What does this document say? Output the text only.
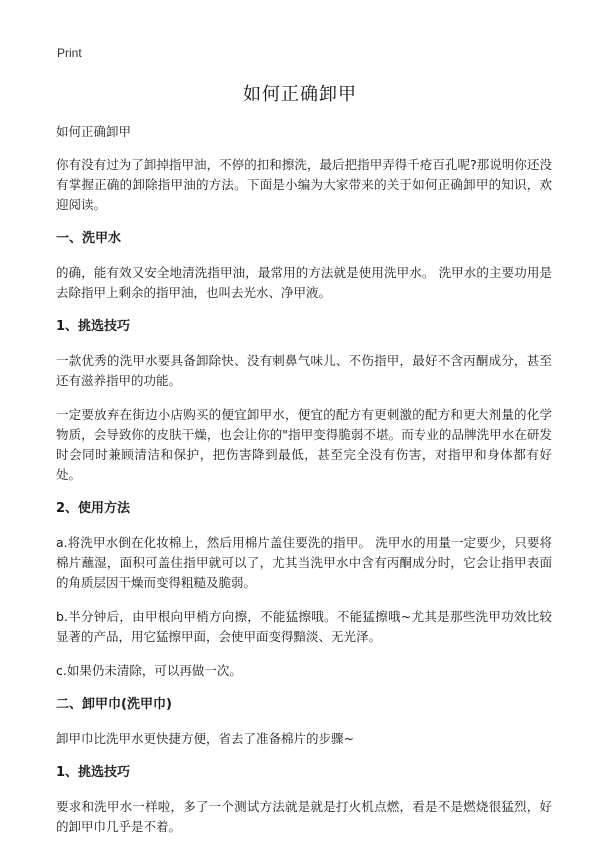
Print
如何正确卸甲
如何正确卸甲

你有没有过为了卸掉指甲油，不停的扣和擦洗，最后把指甲弄得千疮百孔呢?那说明你还没有掌握正确的卸除指甲油的方法。下面是小编为大家带来的关于如何正确卸甲的知识，欢迎阅读。

一、洗甲水

的确，能有效又安全地清洗指甲油，最常用的方法就是使用洗甲水。 洗甲水的主要功用是去除指甲上剩余的指甲油，也叫去光水、净甲液。

1、挑选技巧

一款优秀的洗甲水要具备卸除快、没有刺鼻气味儿、不伤指甲，最好不含丙酮成分，甚至还有滋养指甲的功能。

一定要放弃在街边小店购买的便宜卸甲水，便宜的配方有更刺激的配方和更大剂量的化学物质，会导致你的皮肤干燥，也会让你的"指甲变得脆弱不堪。而专业的品牌洗甲水在研发时会同时兼顾清洁和保护，把伤害降到最低，甚至完全没有伤害，对指甲和身体都有好处。

2、使用方法

a.将洗甲水倒在化妆棉上，然后用棉片盖住要洗的指甲。 洗甲水的用量一定要少，只要将棉片蘸湿，面积可盖住指甲就可以了，尤其当洗甲水中含有丙酮成分时，它会让指甲表面的角质层因干燥而变得粗糙及脆弱。

b.半分钟后，由甲根向甲梢方向擦，不能猛擦哦。不能猛擦哦~尤其是那些洗甲功效比较显著的产品，用它猛擦甲面，会使甲面变得黯淡、无光泽。

c.如果仍未清除，可以再做一次。

二、卸甲巾(洗甲巾)

卸甲巾比洗甲水更快捷方便，省去了准备棉片的步骤~

1、挑选技巧

要求和洗甲水一样啦，多了一个测试方法就是就是打火机点燃，看是不是燃烧很猛烈，好的卸甲巾几乎是不着。
